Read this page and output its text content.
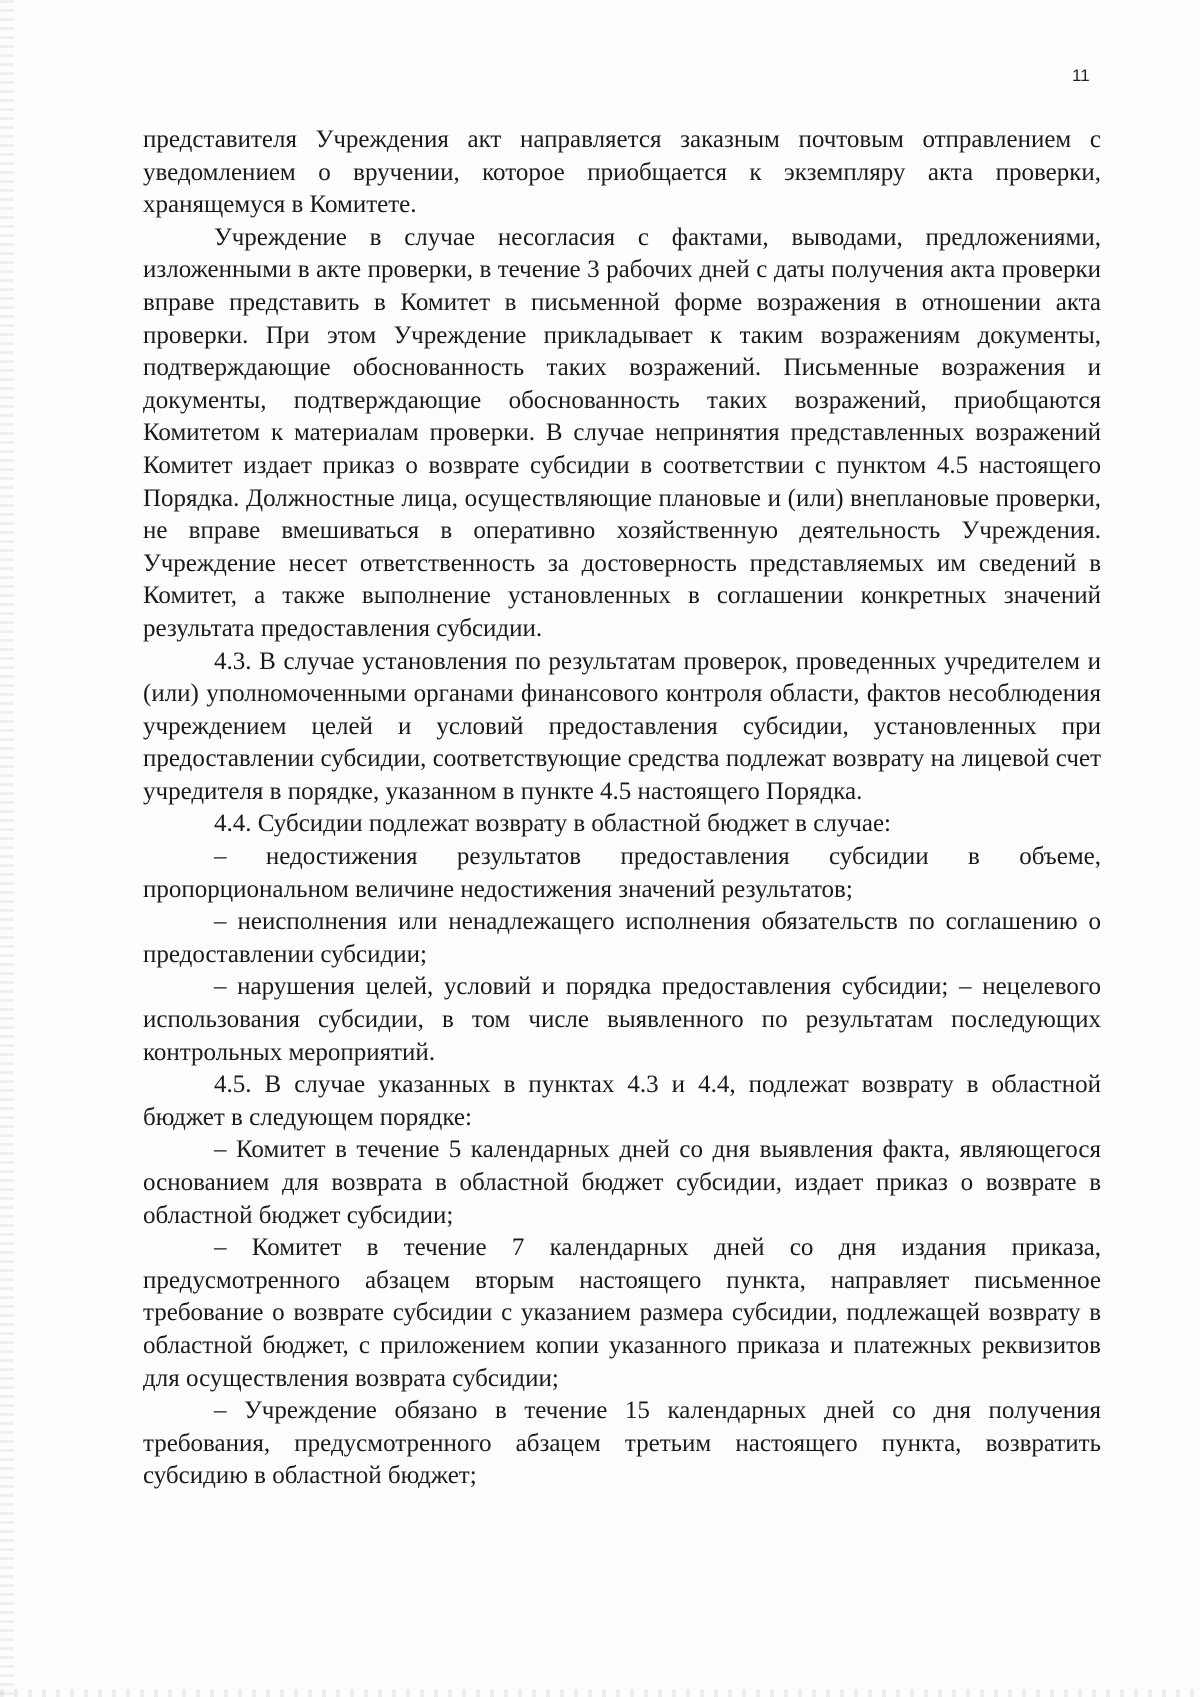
11

представителя Учреждения акт направляется заказным почтовым отправлением с уведомлением о вручении, которое приобщается к экземпляру акта проверки, хранящемуся в Комитете.

Учреждение в случае несогласия с фактами, выводами, предложениями, изложенными в акте проверки, в течение 3 рабочих дней с даты получения акта проверки вправе представить в Комитет в письменной форме возражения в отношении акта проверки. При этом Учреждение прикладывает к таким возражениям документы, подтверждающие обоснованность таких возражений. Письменные возражения и документы, подтверждающие обоснованность таких возражений, приобщаются Комитетом к материалам проверки. В случае непринятия представленных возражений Комитет издает приказ о возврате субсидии в соответствии с пунктом 4.5 настоящего Порядка. Должностные лица, осуществляющие плановые и (или) внеплановые проверки, не вправе вмешиваться в оперативно хозяйственную деятельность Учреждения. Учреждение несет ответственность за достоверность представляемых им сведений в Комитет, а также выполнение установленных в соглашении конкретных значений результата предоставления субсидии.

4.3. В случае установления по результатам проверок, проведенных учредителем и (или) уполномоченными органами финансового контроля области, фактов несоблюдения учреждением целей и условий предоставления субсидии, установленных при предоставлении субсидии, соответствующие средства подлежат возврату на лицевой счет учредителя в порядке, указанном в пункте 4.5 настоящего Порядка.

4.4. Субсидии подлежат возврату в областной бюджет в случае:

– недостижения результатов предоставления субсидии в объеме, пропорциональном величине недостижения значений результатов;

– неисполнения или ненадлежащего исполнения обязательств по соглашению о предоставлении субсидии;

– нарушения целей, условий и порядка предоставления субсидии; – нецелевого использования субсидии, в том числе выявленного по результатам последующих контрольных мероприятий.

4.5. В случае указанных в пунктах 4.3 и 4.4, подлежат возврату в областной бюджет в следующем порядке:

– Комитет в течение 5 календарных дней со дня выявления факта, являющегося основанием для возврата в областной бюджет субсидии, издает приказ о возврате в областной бюджет субсидии;

– Комитет в течение 7 календарных дней со дня издания приказа, предусмотренного абзацем вторым настоящего пункта, направляет письменное требование о возврате субсидии с указанием размера субсидии, подлежащей возврату в областной бюджет, с приложением копии указанного приказа и платежных реквизитов для осуществления возврата субсидии;

– Учреждение обязано в течение 15 календарных дней со дня получения требования, предусмотренного абзацем третьим настоящего пункта, возвратить субсидию в областной бюджет;
